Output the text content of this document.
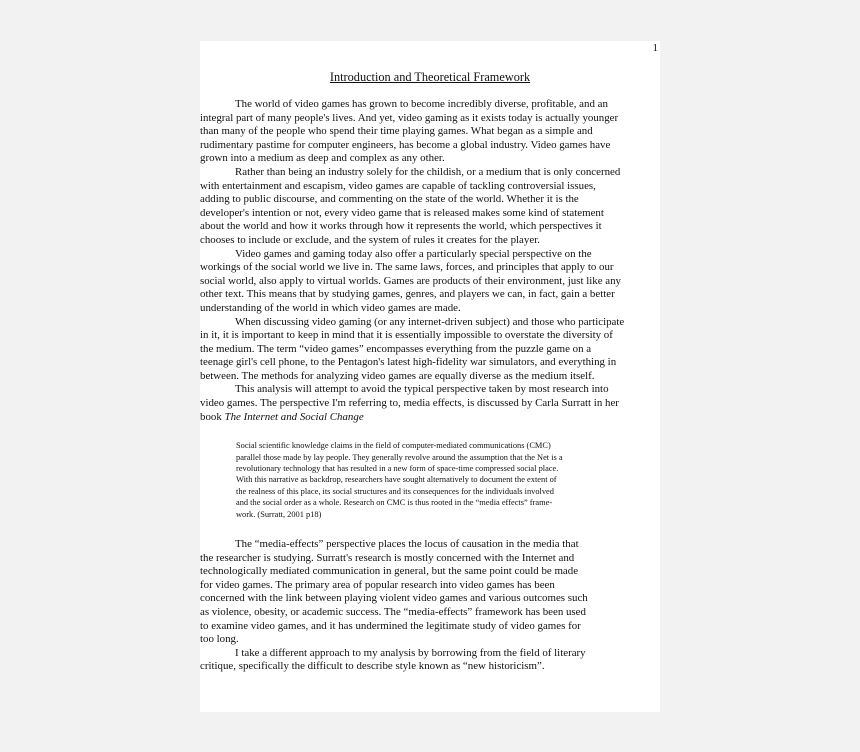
1
Introduction and Theoretical Framework
The world of video games has grown to become incredibly diverse, profitable, and an
integral part of many people's lives. And yet, video gaming as it exists today is actually younger
than many of the people who spend their time playing games. What began as a simple and
rudimentary pastime for computer engineers, has become a global industry. Video games have
grown into a medium as deep and complex as any other.
Rather than being an industry solely for the childish, or a medium that is only concerned
with entertainment and escapism, video games are capable of tackling controversial issues,
adding to public discourse, and commenting on the state of the world. Whether it is the
developer's intention or not, every video game that is released makes some kind of statement
about the world and how it works through how it represents the world, which perspectives it
chooses to include or exclude, and the system of rules it creates for the player.
Video games and gaming today also offer a particularly special perspective on the
workings of the social world we live in. The same laws, forces, and principles that apply to our
social world, also apply to virtual worlds. Games are products of their environment, just like any
other text. This means that by studying games, genres, and players we can, in fact, gain a better
understanding of the world in which video games are made.
When discussing video gaming (or any internet-driven subject) and those who participate
in it, it is important to keep in mind that it is essentially impossible to overstate the diversity of
the medium. The term “video games” encompasses everything from the puzzle game on a
teenage girl's cell phone, to the Pentagon's latest high-fidelity war simulators, and everything in
between. The methods for analyzing video games are equally diverse as the medium itself.
This analysis will attempt to avoid the typical perspective taken by most research into
video games. The perspective I'm referring to, media effects, is discussed by Carla Surratt in her
book The Internet and Social Change
Social scientific knowledge claims in the field of computer-mediated communications (CMC)
parallel those made by lay people. They generally revolve around the assumption that the Net is a
revolutionary technology that has resulted in a new form of space-time compressed social place.
With this narrative as backdrop, researchers have sought alternatively to document the extent of
the realness of this place, its social structures and its consequences for the individuals involved
and the social order as a whole. Research on CMC is thus rooted in the “media effects” frame-
work. (Surratt, 2001 p18)
The “media-effects” perspective places the locus of causation in the media that
the researcher is studying. Surratt's research is mostly concerned with the Internet and
technologically mediated communication in general, but the same point could be made
for video games. The primary area of popular research into video games has been
concerned with the link between playing violent video games and various outcomes such
as violence, obesity, or academic success. The “media-effects” framework has been used
to examine video games, and it has undermined the legitimate study of video games for
too long.
I take a different approach to my analysis by borrowing from the field of literary
critique, specifically the difficult to describe style known as “new historicism”.
